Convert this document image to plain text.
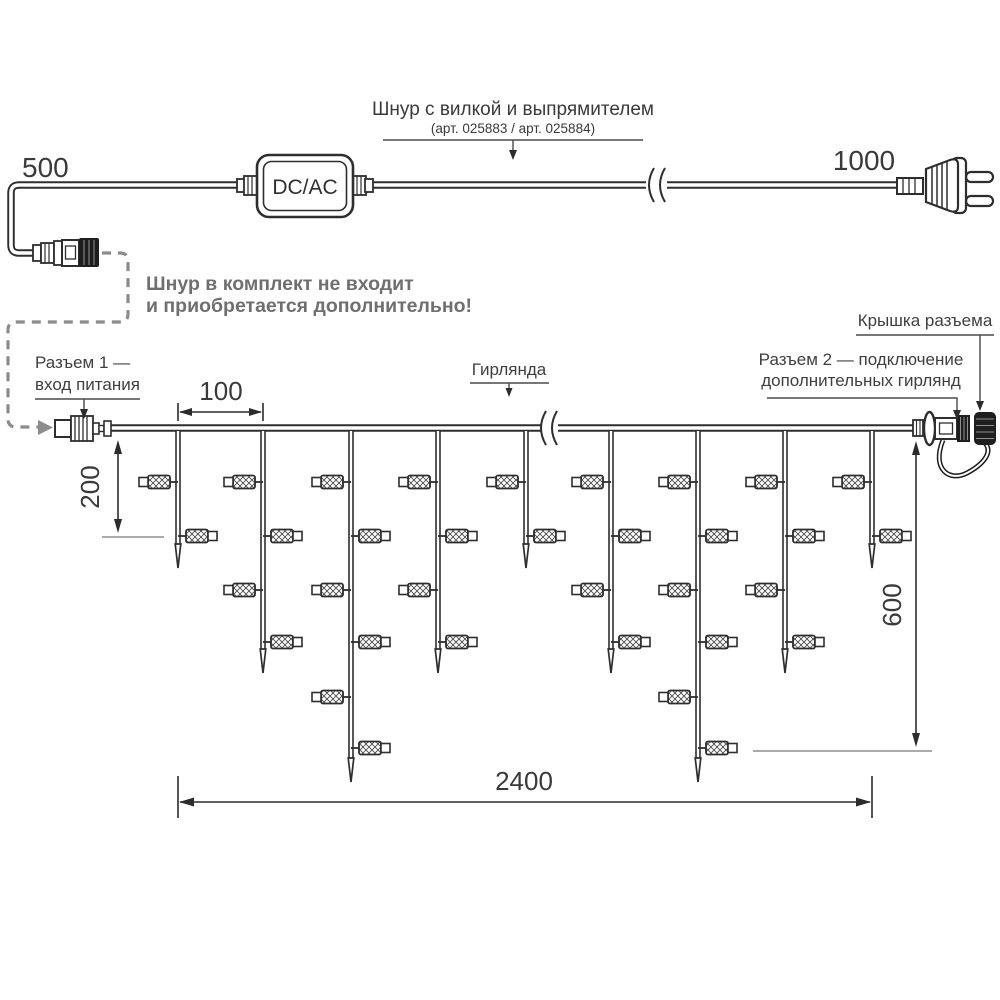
DC/AC
Шнур с вилкой и выпрямителем
(арт. 025883 / арт. 025884)
500	1000
Шнур в комплект не входит
и приобретается дополнительно!
Разъем 1 —
вход питания
Гирлянда
Разъем 2 — подключение
дополнительных гирлянд
Крышка разъема
100
200
600
2400
